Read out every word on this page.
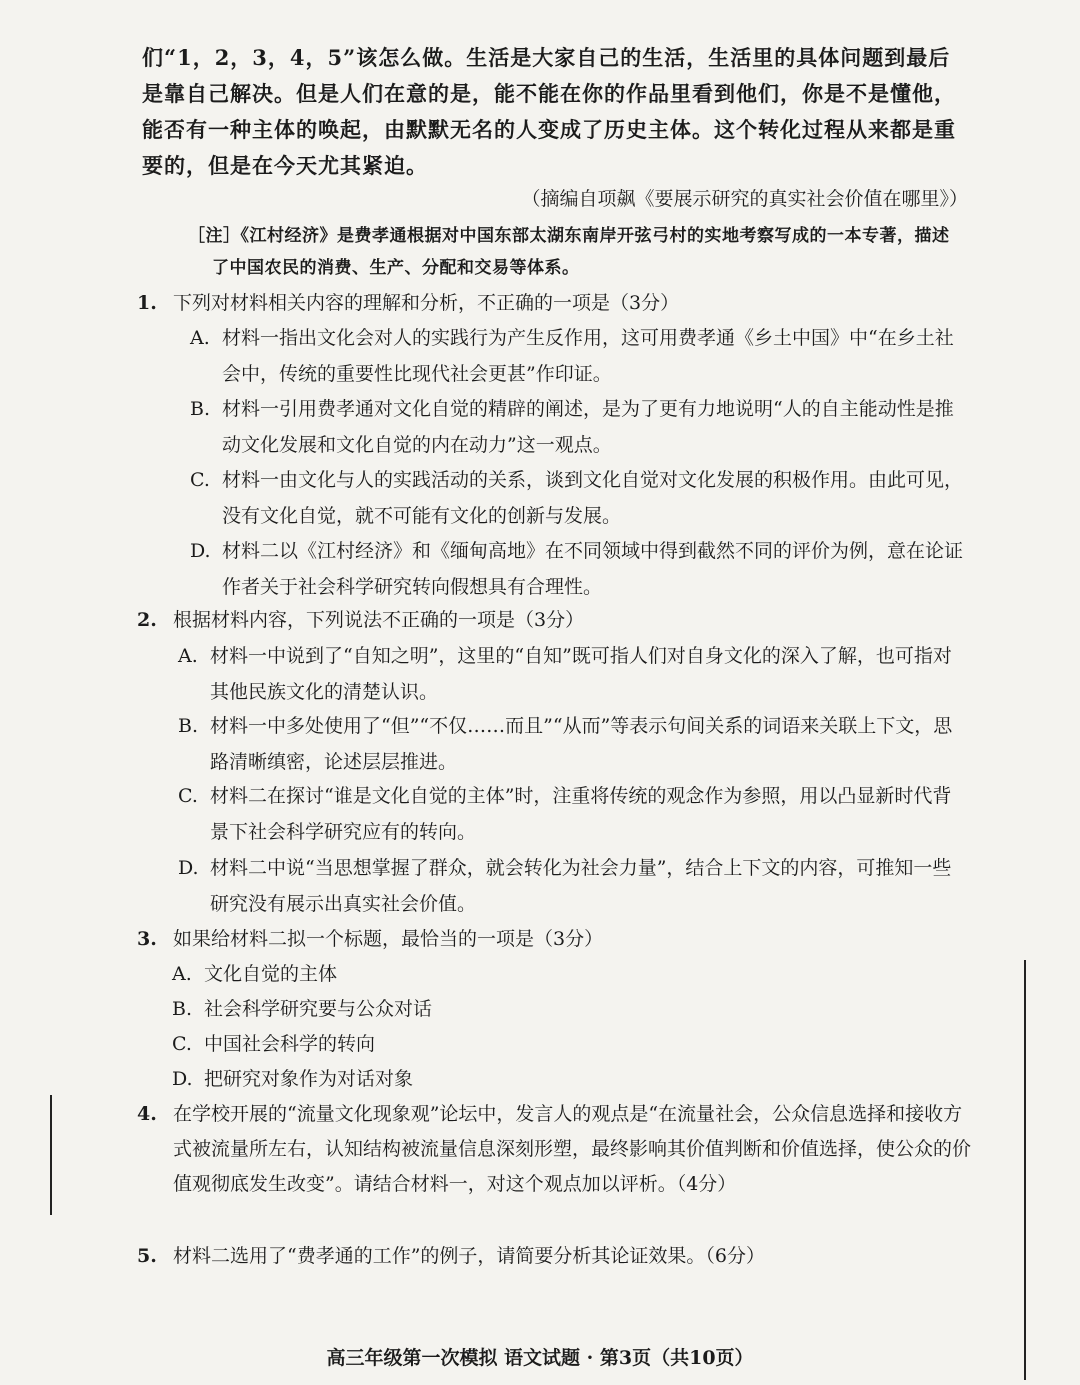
们“1，2，3，4，5”该怎么做。生活是大家自己的生活，生活里的具体问题到最后是靠自己解决。但是人们在意的是，能不能在你的作品里看到他们，你是不是懂他，能否有一种主体的唤起，由默默无名的人变成了历史主体。这个转化过程从来都是重要的，但是在今天尤其紧迫。
（摘编自项飙《要展示研究的真实社会价值在哪里》）
［注］《江村经济》是费孝通根据对中国东部太湖东南岸开弦弓村的实地考察写成的一本专著，描述
了中国农民的消费、生产、分配和交易等体系。
1. 下列对材料相关内容的理解和分析，不正确的一项是（3分）
A. 材料一指出文化会对人的实践行为产生反作用，这可用费孝通《乡土中国》中“在乡土社会中，传统的重要性比现代社会更甚”作印证。
B. 材料一引用费孝通对文化自觉的精辟的阐述，是为了更有力地说明“人的自主能动性是推动文化发展和文化自觉的内在动力”这一观点。
C. 材料一由文化与人的实践活动的关系，谈到文化自觉对文化发展的积极作用。由此可见，没有文化自觉，就不可能有文化的创新与发展。
D. 材料二以《江村经济》和《缅甸高地》在不同领域中得到截然不同的评价为例，意在论证作者关于社会科学研究转向假想具有合理性。
2. 根据材料内容，下列说法不正确的一项是（3分）
A. 材料一中说到了“自知之明”，这里的“自知”既可指人们对自身文化的深入了解，也可指对其他民族文化的清楚认识。
B. 材料一中多处使用了“但”“不仅……而且”“从而”等表示句间关系的词语来关联上下文，思路清晰缜密，论述层层推进。
C. 材料二在探讨“谁是文化自觉的主体”时，注重将传统的观念作为参照，用以凸显新时代背景下社会科学研究应有的转向。
D. 材料二中说“当思想掌握了群众，就会转化为社会力量”，结合上下文的内容，可推知一些研究没有展示出真实社会价值。
3. 如果给材料二拟一个标题，最恰当的一项是（3分）
A. 文化自觉的主体
B. 社会科学研究要与公众对话
C. 中国社会科学的转向
D. 把研究对象作为对话对象
4. 在学校开展的“流量文化现象观”论坛中，发言人的观点是“在流量社会，公众信息选择和接收方式被流量所左右，认知结构被流量信息深刻形塑，最终影响其价值判断和价值选择，使公众的价值观彻底发生改变”。请结合材料一，对这个观点加以评析。（4分）
5. 材料二选用了“费孝通的工作”的例子，请简要分析其论证效果。（6分）
高三年级第一次模拟 语文试题 · 第3页（共10页）
